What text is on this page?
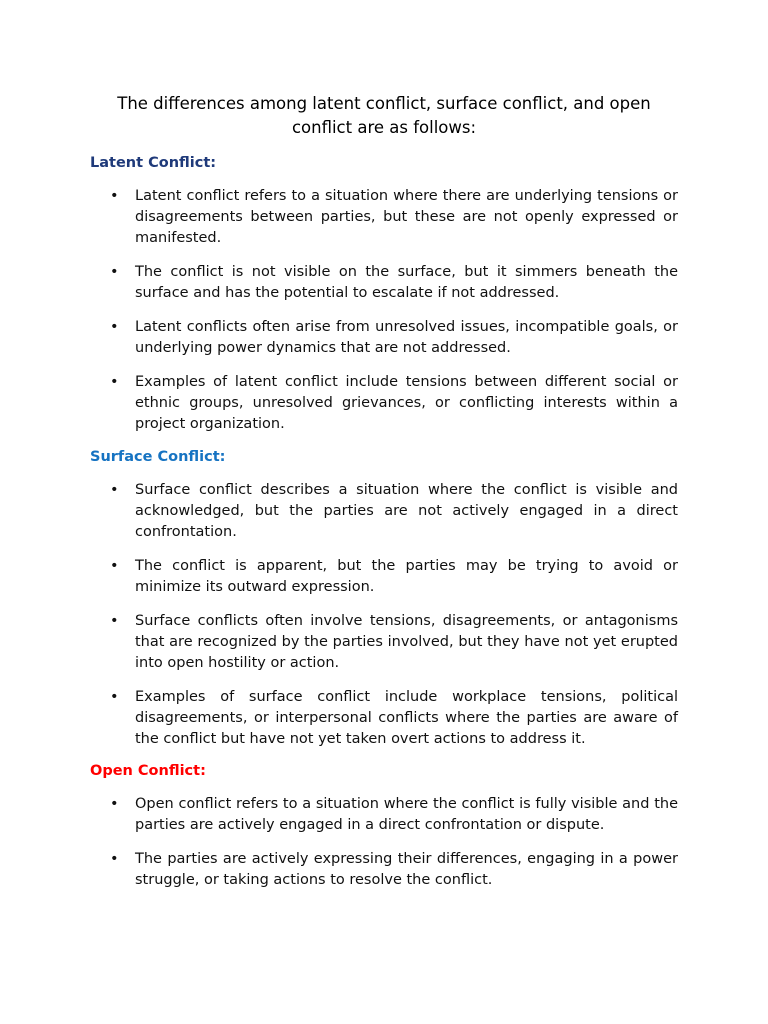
The differences among latent conflict, surface conflict, and open conflict are as follows:
Latent Conflict:
• Latent conflict refers to a situation where there are underlying tensions or disagreements between parties, but these are not openly expressed or manifested.
• The conflict is not visible on the surface, but it simmers beneath the surface and has the potential to escalate if not addressed.
• Latent conflicts often arise from unresolved issues, incompatible goals, or underlying power dynamics that are not addressed.
• Examples of latent conflict include tensions between different social or ethnic groups, unresolved grievances, or conflicting interests within a project organization.
Surface Conflict:
• Surface conflict describes a situation where the conflict is visible and acknowledged, but the parties are not actively engaged in a direct confrontation.
• The conflict is apparent, but the parties may be trying to avoid or minimize its outward expression.
• Surface conflicts often involve tensions, disagreements, or antagonisms that are recognized by the parties involved, but they have not yet erupted into open hostility or action.
• Examples of surface conflict include workplace tensions, political disagreements, or interpersonal conflicts where the parties are aware of the conflict but have not yet taken overt actions to address it.
Open Conflict:
• Open conflict refers to a situation where the conflict is fully visible and the parties are actively engaged in a direct confrontation or dispute.
• The parties are actively expressing their differences, engaging in a power struggle, or taking actions to resolve the conflict.
